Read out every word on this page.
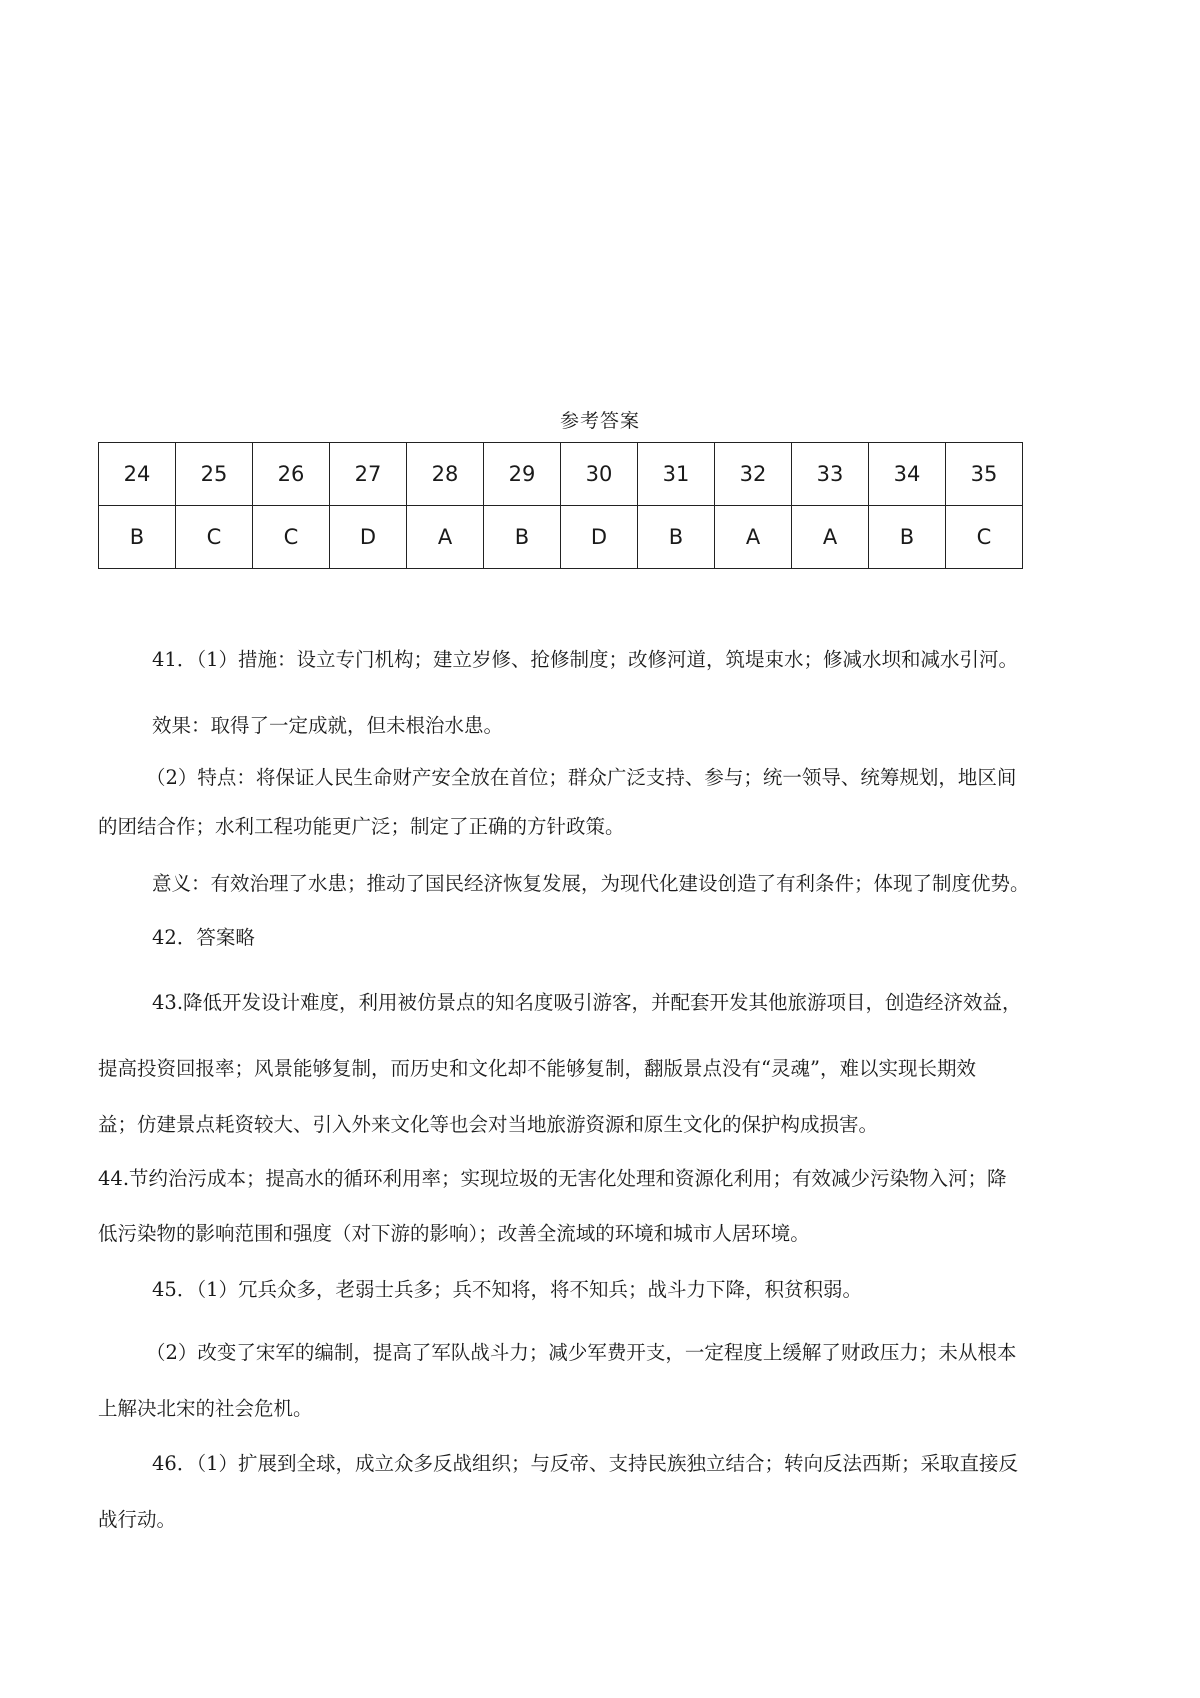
参考答案
24	25	26	27	28	29	30	31	32	33	34	35
B	C	C	D	A	B	D	B	A	A	B	C
41．（1）措施：设立专门机构；建立岁修、抢修制度；改修河道，筑堤束水；修减水坝和减水引河。
效果：取得了一定成就，但未根治水患。
（2）特点：将保证人民生命财产安全放在首位；群众广泛支持、参与；统一领导、统筹规划，地区间
的团结合作；水利工程功能更广泛；制定了正确的方针政策。
意义：有效治理了水患；推动了国民经济恢复发展，为现代化建设创造了有利条件；体现了制度优势。
42．答案略
43.降低开发设计难度，利用被仿景点的知名度吸引游客，并配套开发其他旅游项目，创造经济效益，
提高投资回报率；风景能够复制，而历史和文化却不能够复制，翻版景点没有“灵魂”，难以实现长期效
益；仿建景点耗资较大、引入外来文化等也会对当地旅游资源和原生文化的保护构成损害。
44.节约治污成本；提高水的循环利用率；实现垃圾的无害化处理和资源化利用；有效减少污染物入河；降
低污染物的影响范围和强度（对下游的影响）；改善全流域的环境和城市人居环境。
45．（1）冗兵众多，老弱士兵多；兵不知将，将不知兵；战斗力下降，积贫积弱。
（2）改变了宋军的编制，提高了军队战斗力；减少军费开支，一定程度上缓解了财政压力；未从根本
上解决北宋的社会危机。
46．（1）扩展到全球，成立众多反战组织；与反帝、支持民族独立结合；转向反法西斯；采取直接反
战行动。
